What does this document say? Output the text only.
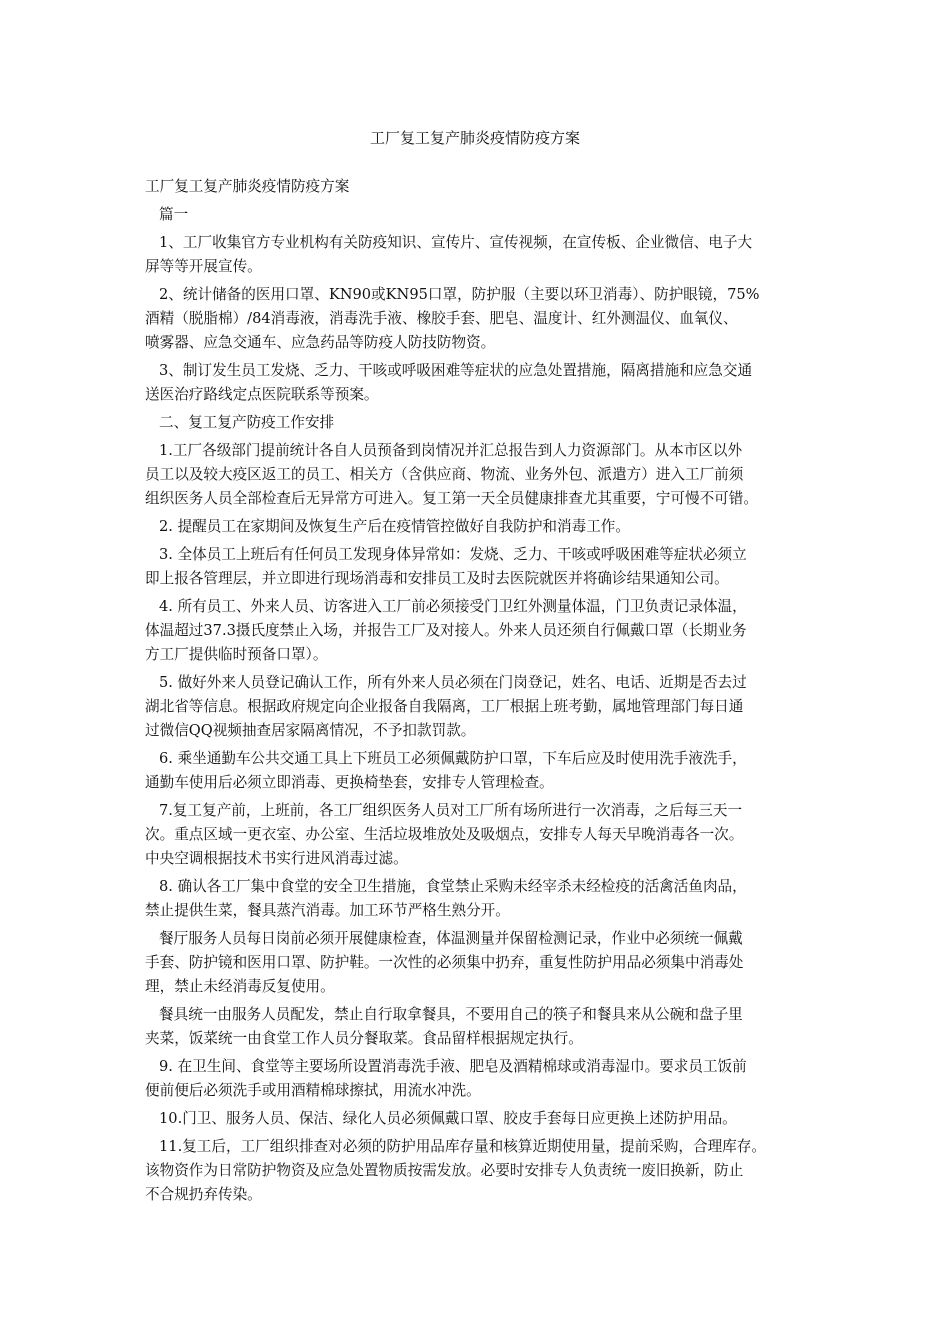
工厂复工复产肺炎疫情防疫方案
工厂复工复产肺炎疫情防疫方案
篇一
1、工厂收集官方专业机构有关防疫知识、宣传片、宣传视频，在宣传板、企业微信、电子大
屏等等开展宣传。
2、统计储备的医用口罩、KN90或KN95口罩，防护服（主要以环卫消毒）、防护眼镜，75%
酒精（脱脂棉）/84消毒液，消毒洗手液、橡胶手套、肥皂、温度计、红外测温仪、血氧仪、
喷雾器、应急交通车、应急药品等防疫人防技防物资。
3、制订发生员工发烧、乏力、干咳或呼吸困难等症状的应急处置措施，隔离措施和应急交通
送医治疗路线定点医院联系等预案。
二、复工复产防疫工作安排
1.工厂各级部门提前统计各自人员预备到岗情况并汇总报告到人力资源部门。从本市区以外
员工以及较大疫区返工的员工、相关方（含供应商、物流、业务外包、派遣方）进入工厂前须
组织医务人员全部检查后无异常方可进入。复工第一天全员健康排查尤其重要，宁可慢不可错。
2. 提醒员工在家期间及恢复生产后在疫情管控做好自我防护和消毒工作。
3. 全体员工上班后有任何员工发现身体异常如：发烧、乏力、干咳或呼吸困难等症状必须立
即上报各管理层，并立即进行现场消毒和安排员工及时去医院就医并将确诊结果通知公司。
4. 所有员工、外来人员、访客进入工厂前必须接受门卫红外测量体温，门卫负责记录体温，
体温超过37.3摄氏度禁止入场，并报告工厂及对接人。外来人员还须自行佩戴口罩（长期业务
方工厂提供临时预备口罩）。
5. 做好外来人员登记确认工作，所有外来人员必须在门岗登记，姓名、电话、近期是否去过
湖北省等信息。根据政府规定向企业报备自我隔离，工厂根据上班考勤，属地管理部门每日通
过微信QQ视频抽查居家隔离情况，不予扣款罚款。
6. 乘坐通勤车公共交通工具上下班员工必须佩戴防护口罩，下车后应及时使用洗手液洗手，
通勤车使用后必须立即消毒、更换椅垫套，安排专人管理检查。
7.复工复产前，上班前，各工厂组织医务人员对工厂所有场所进行一次消毒，之后每三天一
次。重点区域一更衣室、办公室、生活垃圾堆放处及吸烟点，安排专人每天早晚消毒各一次。
中央空调根据技术书实行进风消毒过滤。
8. 确认各工厂集中食堂的安全卫生措施，食堂禁止采购未经宰杀未经检疫的活禽活鱼肉品，
禁止提供生菜，餐具蒸汽消毒。加工环节严格生熟分开。
餐厅服务人员每日岗前必须开展健康检查，体温测量并保留检测记录，作业中必须统一佩戴
手套、防护镜和医用口罩、防护鞋。一次性的必须集中扔弃，重复性防护用品必须集中消毒处
理，禁止未经消毒反复使用。
餐具统一由服务人员配发，禁止自行取拿餐具，不要用自己的筷子和餐具来从公碗和盘子里
夹菜，饭菜统一由食堂工作人员分餐取菜。食品留样根据规定执行。
9. 在卫生间、食堂等主要场所设置消毒洗手液、肥皂及酒精棉球或消毒湿巾。要求员工饭前
便前便后必须洗手或用酒精棉球擦拭，用流水冲洗。
10.门卫、服务人员、保洁、绿化人员必须佩戴口罩、胶皮手套每日应更换上述防护用品。
11.复工后，工厂组织排查对必须的防护用品库存量和核算近期使用量，提前采购，合理库存。
该物资作为日常防护物资及应急处置物质按需发放。必要时安排专人负责统一废旧换新，防止
不合规扔弃传染。
